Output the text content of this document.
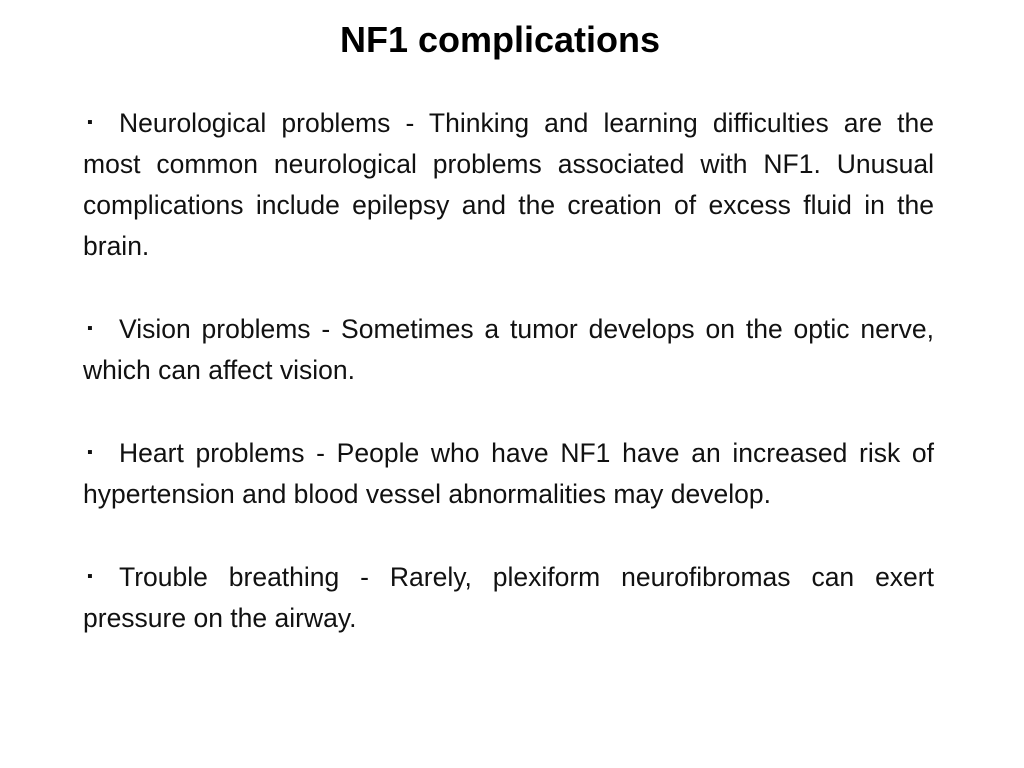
NF1 complications

▪ Neurological problems - Thinking and learning difficulties are the most common neurological problems associated with NF1. Unusual complications include epilepsy and the creation of excess fluid in the brain.

▪ Vision problems - Sometimes a tumor develops on the optic nerve, which can affect vision.

▪ Heart problems - People who have NF1 have an increased risk of hypertension and blood vessel abnormalities may develop.

▪ Trouble breathing - Rarely, plexiform neurofibromas can exert pressure on the airway.
